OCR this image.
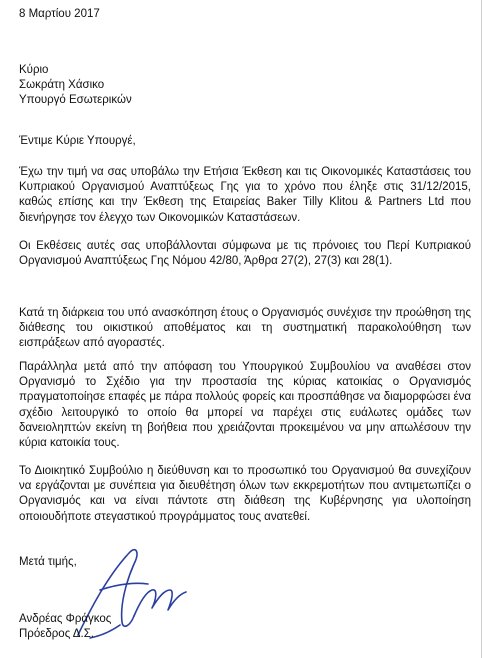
8 Μαρτίου 2017
Κύριο
Σωκράτη Χάσικο
Υπουργό Εσωτερικών
Έντιμε Κύριε Υπουργέ,
Έχω την τιμή να σας υποβάλω την Ετήσια Έκθεση και τις Οικονομικές Καταστάσεις του Κυπριακού Οργανισμού Αναπτύξεως Γης για το χρόνο που έληξε στις 31/12/2015, καθώς επίσης και την Έκθεση της Εταιρείας Baker Tilly Klitou & Partners Ltd που διενήργησε τον έλεγχο των Οικονομικών Καταστάσεων.
Οι Εκθέσεις αυτές σας υποβάλλονται σύμφωνα με τις πρόνοιες του Περί Κυπριακού Οργανισμού Αναπτύξεως Γης Νόμου 42/80, Άρθρα 27(2), 27(3) και 28(1).
Κατά τη διάρκεια του υπό ανασκόπηση έτους ο Οργανισμός συνέχισε την προώθηση της διάθεσης του οικιστικού αποθέματος και τη συστηματική παρακολούθηση των εισπράξεων από αγοραστές.
Παράλληλα μετά από την απόφαση του Υπουργικού Συμβουλίου να αναθέσει στον Οργανισμό το Σχέδιο για την προστασία της κύριας κατοικίας ο Οργανισμός πραγματοποίησε επαφές με πάρα πολλούς φορείς και προσπάθησε να διαμορφώσει ένα σχέδιο λειτουργικό το οποίο θα μπορεί να παρέχει στις ευάλωτες ομάδες των δανειοληπτών εκείνη τη βοήθεια που χρειάζονται προκειμένου να μην απωλέσουν την κύρια κατοικία τους.
Το Διοικητικό Συμβούλιο η διεύθυνση και το προσωπικό του Οργανισμού θα συνεχίζουν να εργάζονται με συνέπεια για διευθέτηση όλων των εκκρεμοτήτων που αντιμετωπίζει ο Οργανισμός και να είναι πάντοτε στη διάθεση της Κυβέρνησης για υλοποίηση οποιουδήποτε στεγαστικού προγράμματος τους ανατεθεί.
Μετά τιμής,
Ανδρέας Φράγκος
Πρόεδρος Δ.Σ.
